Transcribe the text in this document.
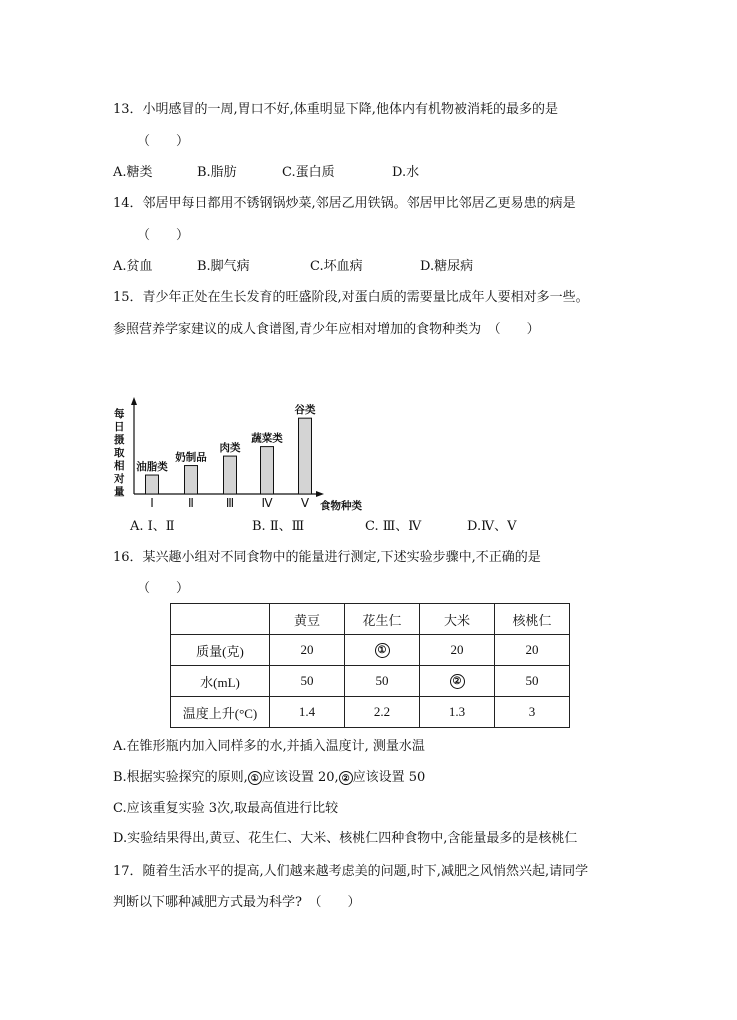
13．小明感冒的一周,胃口不好,体重明显下降,他体内有机物被消耗的最多的是
（　　）
A.糖类	B.脂肪	C.蛋白质	D.水
14．邻居甲每日都用不锈钢锅炒菜,邻居乙用铁锅。邻居甲比邻居乙更易患的病是
（　　）
A.贫血	B.脚气病	C.坏血病	D.糖尿病
15．青少年正处在生长发育的旺盛阶段,对蛋白质的需要量比成年人要相对多一些。
参照营养学家建议的成人食谱图,青少年应相对增加的食物种类为　（　　）
每日摄取相对量
食物种类
油脂类
Ⅰ
奶制品
Ⅱ
肉类
Ⅲ
蔬菜类
Ⅳ
谷类
Ⅴ
A. Ⅰ、Ⅱ	B. Ⅱ、Ⅲ	C. Ⅲ、Ⅳ	D.Ⅳ、Ⅴ
16．某兴趣小组对不同食物中的能量进行测定,下述实验步骤中,不正确的是
（　　）
	黄豆	花生仁	大米	核桃仁
质量(克)	20	①	20	20
水(mL)	50	50	②	50
温度上升(°C)	1.4	2.2	1.3	3
A.在锥形瓶内加入同样多的水,并插入温度计, 测量水温
B.根据实验探究的原则, ① 应该设置 20, ② 应该设置 50
C.应该重复实验 3次,取最高值进行比较
D.实验结果得出,黄豆、花生仁、大米、核桃仁四种食物中,含能量最多的是核桃仁
17．随着生活水平的提高,人们越来越考虑美的问题,时下,减肥之风悄然兴起,请同学
判断以下哪种减肥方式最为科学?　（　　）
